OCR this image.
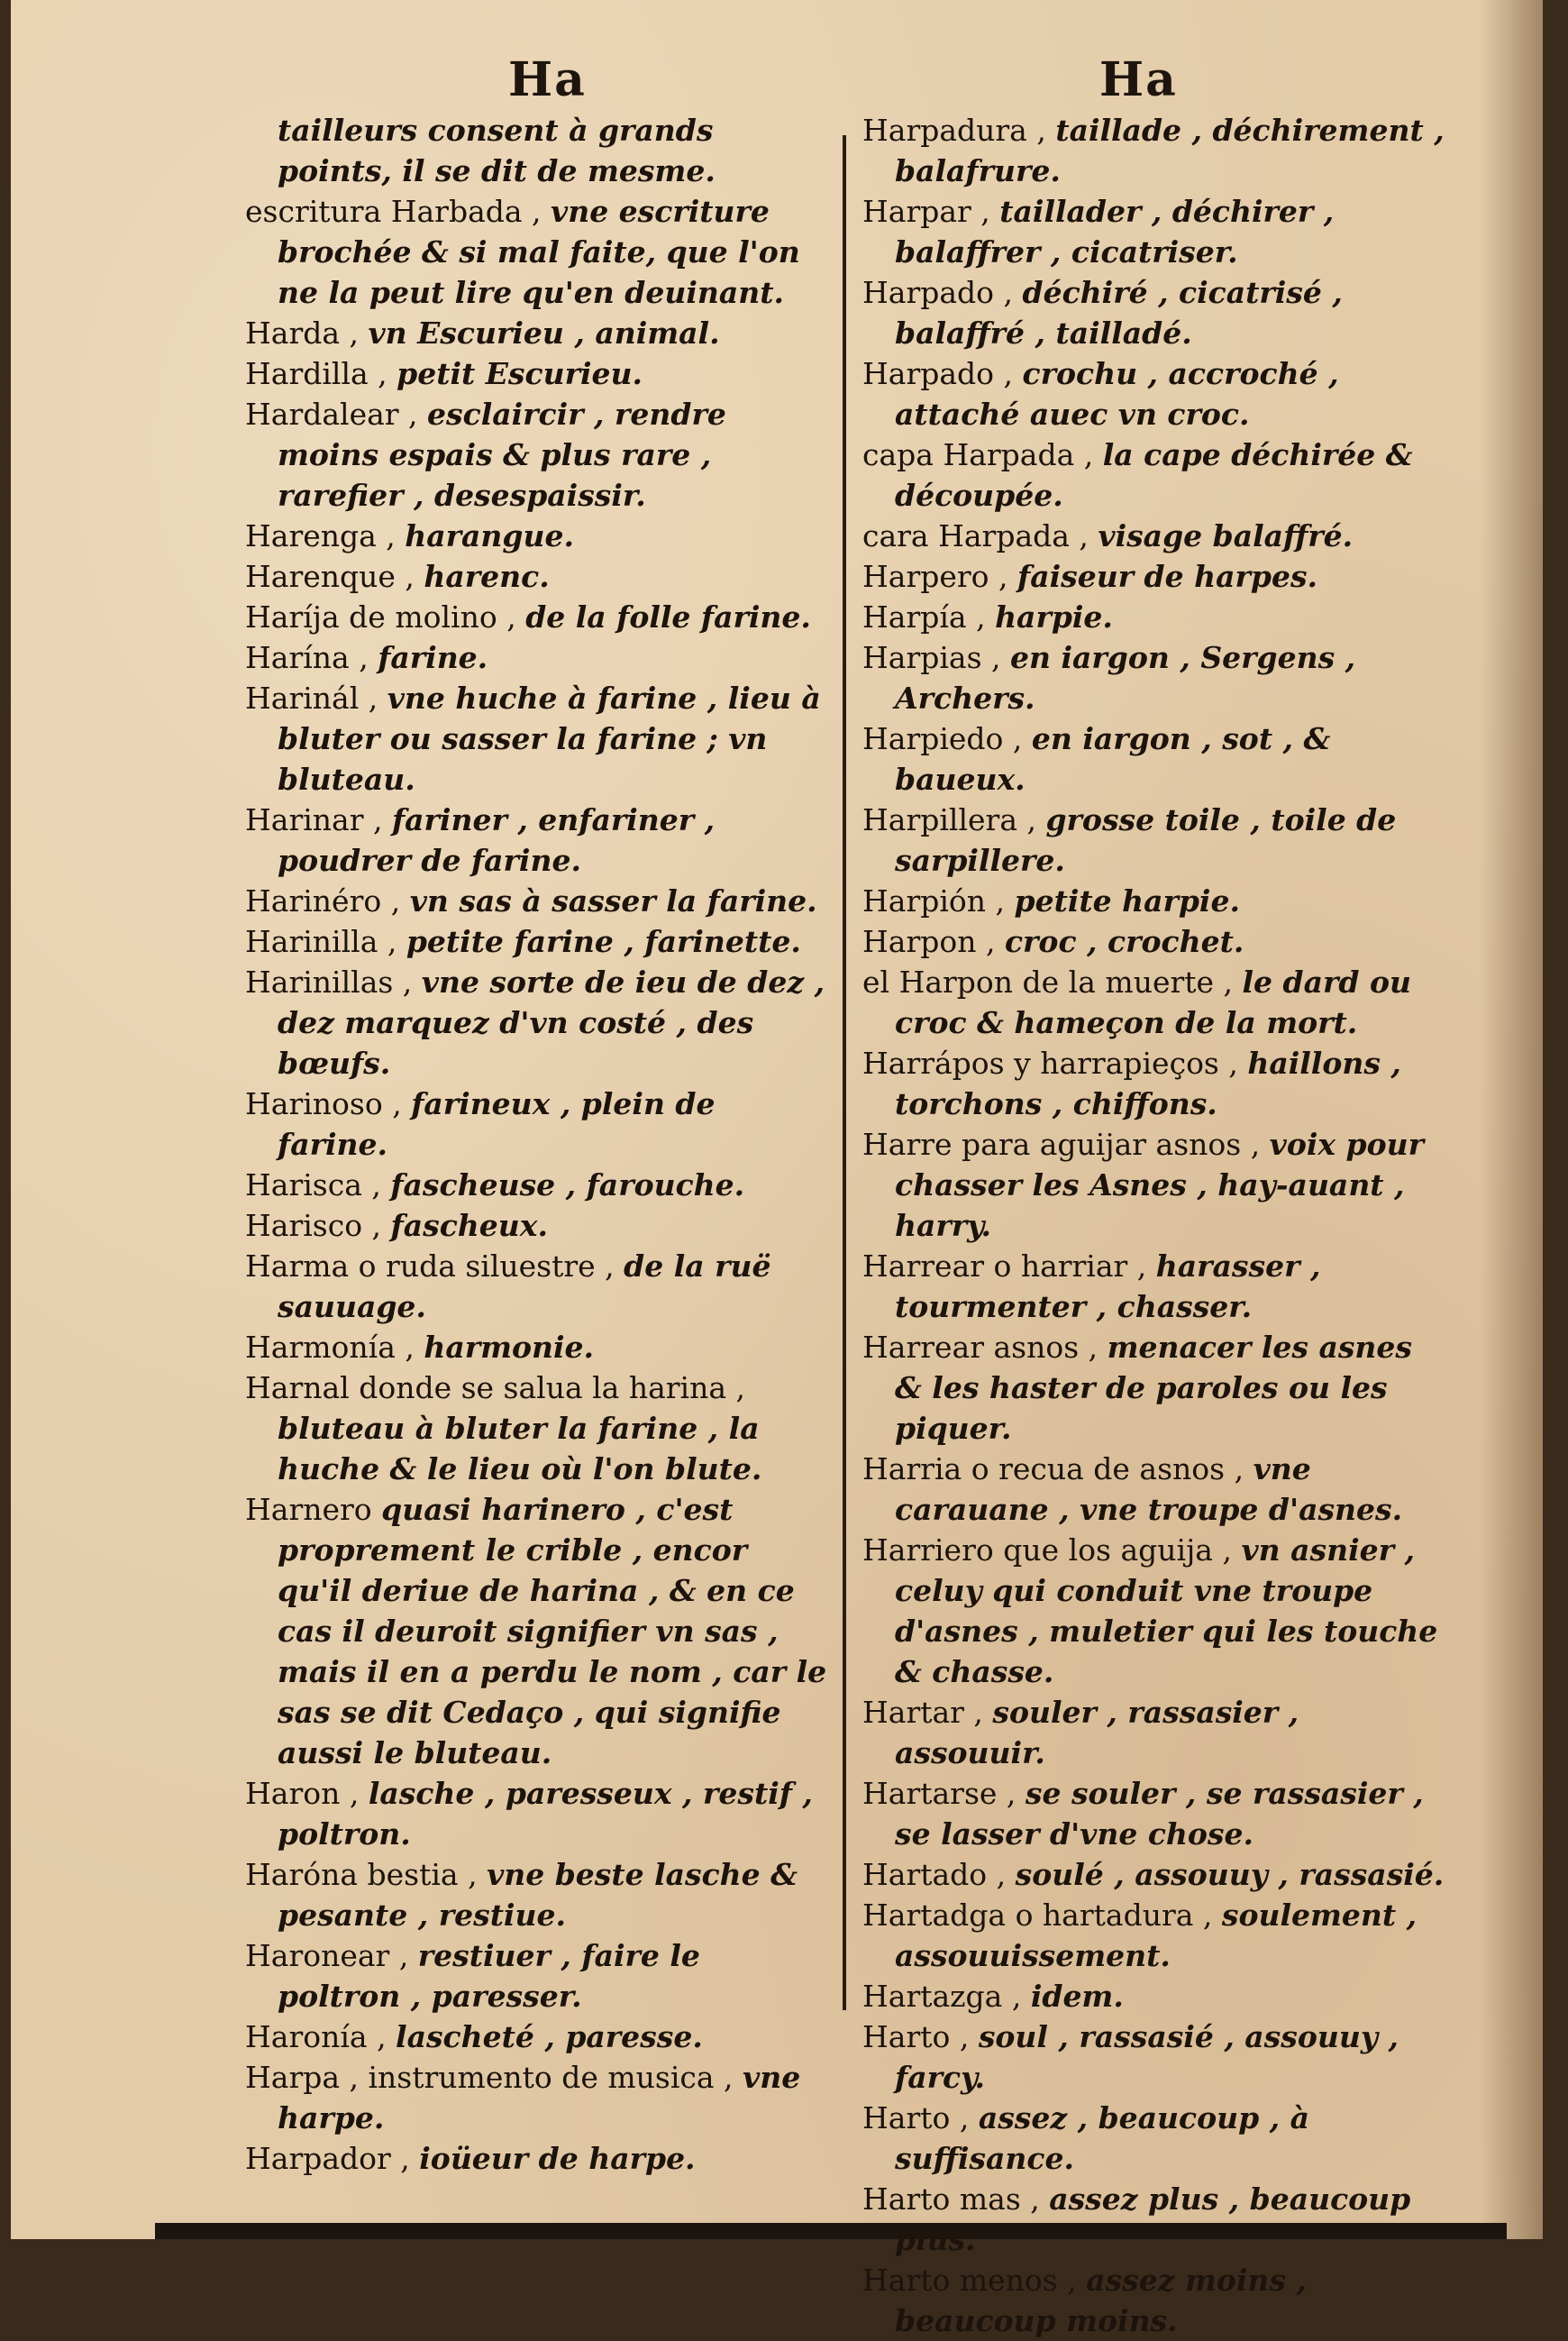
Ha	Ha
tailleurs consent à grands points, il se dit de mesme.
escritura Harbada , vne escriture brochée & si mal faite, que l'on ne la peut lire qu'en deuinant.
Harda , vn Escurieu , animal.
Hardilla , petit Escurieu.
Hardalear , esclaircir , rendre moins espais & plus rare , rarefier , desespaissir.
Harenga , harangue.
Harenque , harenc.
Haríja de molino , de la folle farine.
Harína , farine.
Harinál , vne huche à farine , lieu à bluter ou sasser la farine ; vn bluteau.
Harinar , fariner , enfariner , poudrer de farine.
Harinéro , vn sas à sasser la farine.
Harinilla , petite farine , farinette.
Harinillas , vne sorte de ieu de dez , dez marquez d'vn costé , des bœufs.
Harinoso , farineux , plein de farine.
Harisca , fascheuse , farouche.
Harisco , fascheux.
Harma o ruda siluestre , de la ruë sauuage.
Harmonía , harmonie.
Harnal donde se salua la harina , bluteau à bluter la farine , la huche & le lieu où l'on blute.
Harnero quasi harinero , c'est proprement le crible , encor qu'il deriue de harina , & en ce cas il deuroit signifier vn sas , mais il en a perdu le nom , car le sas se dit Cedaço , qui signifie aussi le bluteau.
Haron , lasche , paresseux , restif , poltron.
Haróna bestia , vne beste lasche & pesante , restiue.
Haronear , restiuer , faire le poltron , paresser.
Haronía , lascheté , paresse.
Harpa , instrumento de musica , vne harpe.
Harpador , ioüeur de harpe.
Harpadura , taillade , déchirement , balafrure.
Harpar , taillader , déchirer , balaffrer , cicatriser.
Harpado , déchiré , cicatrisé , balaffré , tailladé.
Harpado , crochu , accroché , attaché auec vn croc.
capa Harpada , la cape déchirée & découpée.
cara Harpada , visage balaffré.
Harpero , faiseur de harpes.
Harpía , harpie.
Harpias , en iargon , Sergens , Archers.
Harpiedo , en iargon , sot , & baueux.
Harpillera , grosse toile , toile de sarpillere.
Harpión , petite harpie.
Harpon , croc , crochet.
el Harpon de la muerte , le dard ou croc & hameçon de la mort.
Harrápos y harrapieços , haillons , torchons , chiffons.
Harre para aguijar asnos , voix pour chasser les Asnes , hay-auant , harry.
Harrear o harriar , harasser , tourmenter , chasser.
Harrear asnos , menacer les asnes & les haster de paroles ou les piquer.
Harria o recua de asnos , vne carauane , vne troupe d'asnes.
Harriero que los aguija , vn asnier , celuy qui conduit vne troupe d'asnes , muletier qui les touche & chasse.
Hartar , souler , rassasier , assouuir.
Hartarse , se souler , se rassasier , se lasser d'vne chose.
Hartado , soulé , assouuy , rassasié.
Hartadga o hartadura , soulement , assouuissement.
Hartazga , idem.
Harto , soul , rassasié , assouuy , farcy.
Harto , assez , beaucoup , à suffisance.
Harto mas , assez plus , beaucoup plus.
Harto menos , assez moins , beaucoup moins.
